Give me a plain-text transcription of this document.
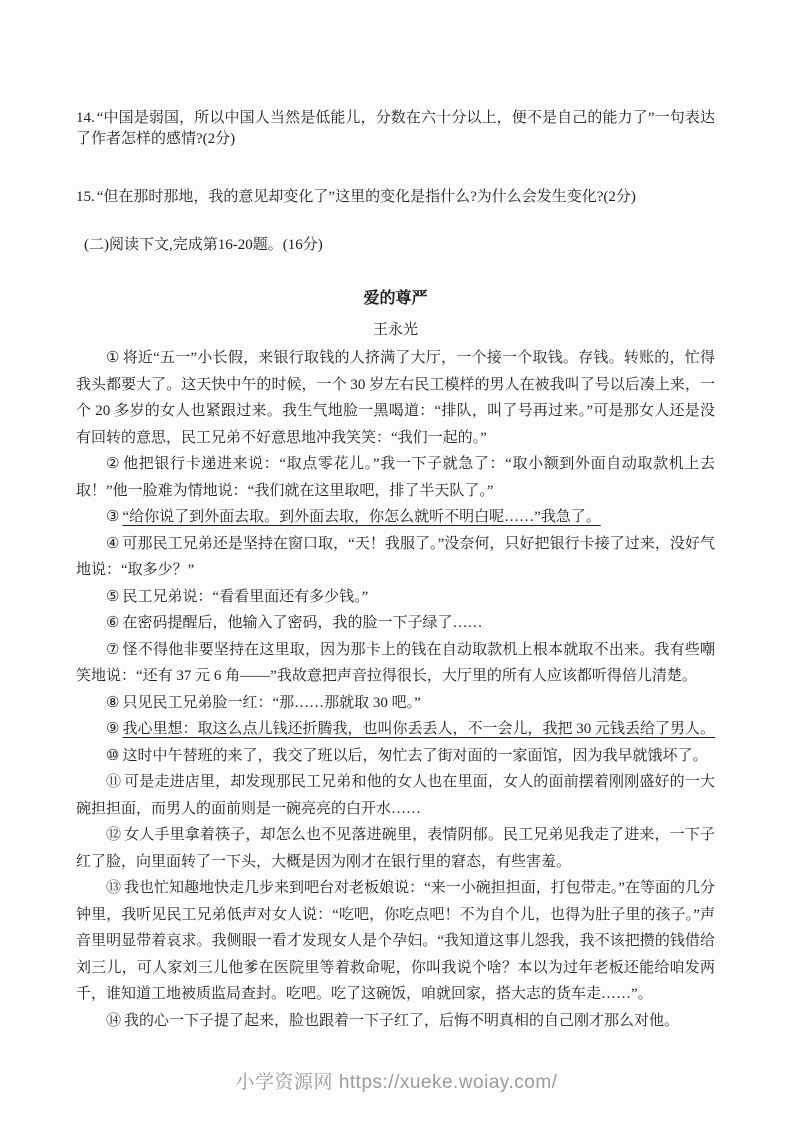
14. “中国是弱国，所以中国人当然是低能儿，分数在六十分以上，便不是自己的能力了”一句表达了作者怎样的感情?(2分)

15. “但在那时那地，我的意见却变化了”这里的变化是指什么?为什么会发生变化?(2分)

(二)阅读下文,完成第16-20题。(16分)

爱的尊严

王永光

① 将近“五一”小长假，来银行取钱的人挤满了大厅，一个接一个取钱。存钱。转账的，忙得我头都要大了。这天快中午的时候，一个 30 岁左右民工模样的男人在被我叫了号以后凑上来，一个 20 多岁的女人也紧跟过来。我生气地脸一黑喝道：“排队，叫了号再过来。”可是那女人还是没有回转的意思，民工兄弟不好意思地冲我笑笑：“我们一起的。”

② 他把银行卡递进来说：“取点零花儿。”我一下子就急了：“取小额到外面自动取款机上去取！”他一脸难为情地说：“我们就在这里取吧，排了半天队了。”

③ “给你说了到外面去取。到外面去取，你怎么就听不明白呢……”我急了。

④ 可那民工兄弟还是坚持在窗口取，“天！我服了。”没奈何，只好把银行卡接了过来，没好气地说：“取多少？”

⑤ 民工兄弟说：“看看里面还有多少钱。”

⑥ 在密码提醒后，他输入了密码，我的脸一下子绿了……

⑦ 怪不得他非要坚持在这里取，因为那卡上的钱在自动取款机上根本就取不出来。我有些嘲笑地说：“还有 37 元 6 角——”我故意把声音拉得很长，大厅里的所有人应该都听得倍儿清楚。

⑧ 只见民工兄弟脸一红：“那……那就取 30 吧。”

⑨ 我心里想：取这么点儿钱还折腾我，也叫你丢丢人，不一会儿，我把 30 元钱丢给了男人。

⑩ 这时中午替班的来了，我交了班以后，匆忙去了街对面的一家面馆，因为我早就饿坏了。

⑪ 可是走进店里，却发现那民工兄弟和他的女人也在里面，女人的面前摆着刚刚盛好的一大碗担担面，而男人的面前则是一碗亮亮的白开水……

⑫ 女人手里拿着筷子，却怎么也不见落进碗里，表情阴郁。民工兄弟见我走了进来，一下子红了脸，向里面转了一下头，大概是因为刚才在银行里的窘态，有些害羞。

⑬ 我也忙知趣地快走几步来到吧台对老板娘说：“来一小碗担担面，打包带走。”在等面的几分钟里，我听见民工兄弟低声对女人说：“吃吧，你吃点吧！不为自个儿，也得为肚子里的孩子。”声音里明显带着哀求。我侧眼一看才发现女人是个孕妇。“我知道这事儿怨我，我不该把攒的钱借给刘三儿，可人家刘三儿他爹在医院里等着救命呢，你叫我说个啥？本以为过年老板还能给咱发两千，谁知道工地被质监局查封。吃吧。吃了这碗饭，咱就回家，搭大志的货车走……”。

⑭ 我的心一下子提了起来，脸也跟着一下子红了，后悔不明真相的自己刚才那么对他。

小学资源网 https://xueke.woiay.com/
